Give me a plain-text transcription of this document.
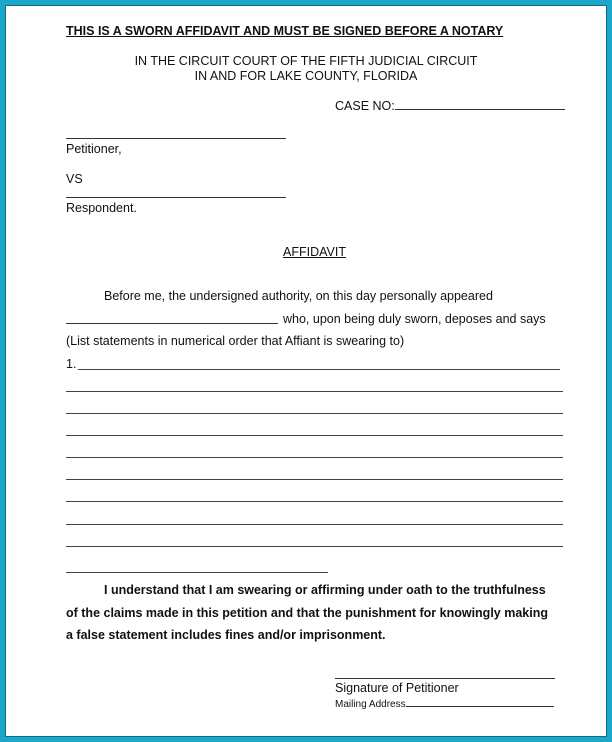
THIS IS A SWORN AFFIDAVIT AND MUST BE SIGNED BEFORE A NOTARY
IN THE CIRCUIT COURT OF THE FIFTH JUDICIAL CIRCUIT
IN AND FOR LAKE COUNTY, FLORIDA
CASE NO:
Petitioner,
VS
Respondent.
AFFIDAVIT
Before me, the undersigned authority, on this day personally appeared
who, upon being duly sworn, deposes and says
(List statements in numerical order that Affiant is swearing to)
1.
I understand that I am swearing or affirming under oath to the truthfulness
of the claims made in this petition and that the punishment for knowingly making
a false statement includes fines and/or imprisonment.
Signature of Petitioner
Mailing Address
